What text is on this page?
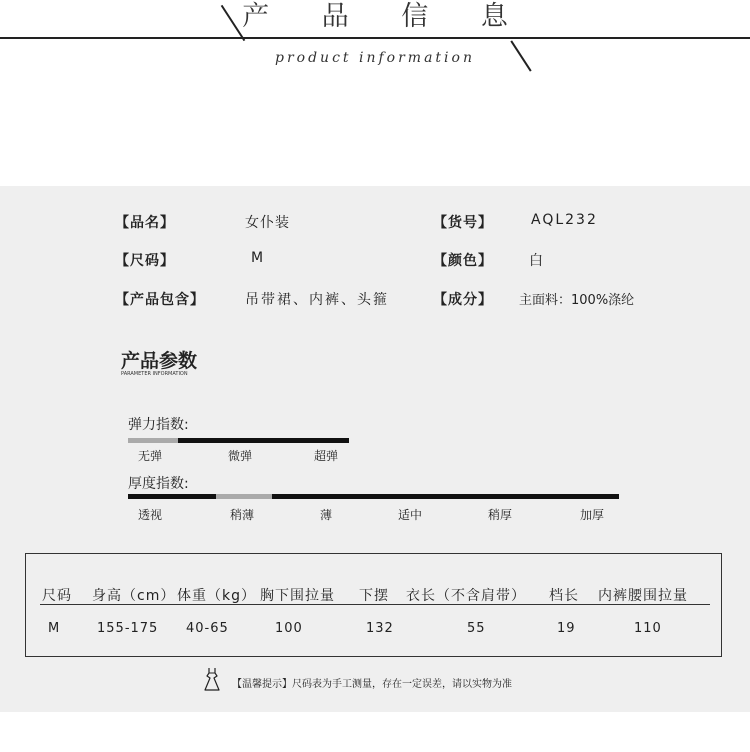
产 品 信 息
product information
【品名】	女仆装	【货号】	AQL232
【尺码】	M	【颜色】	白
【产品包含】	吊带裙、内裤、头箍	【成分】 主面料：100%涤纶
产品参数
PARAMETER INFORMATION
弹力指数:
无弹	微弹	超弹
厚度指数:
透视	稍薄	薄	适中	稍厚	加厚
尺码 身高（cm） 体重（kg） 胸下围拉量 下摆 衣长（不含肩带） 档长 内裤腰围拉量
M	155-175 40-65	100	132	55	19	110
【温馨提示】尺码表为手工测量，存在一定误差，请以实物为准
